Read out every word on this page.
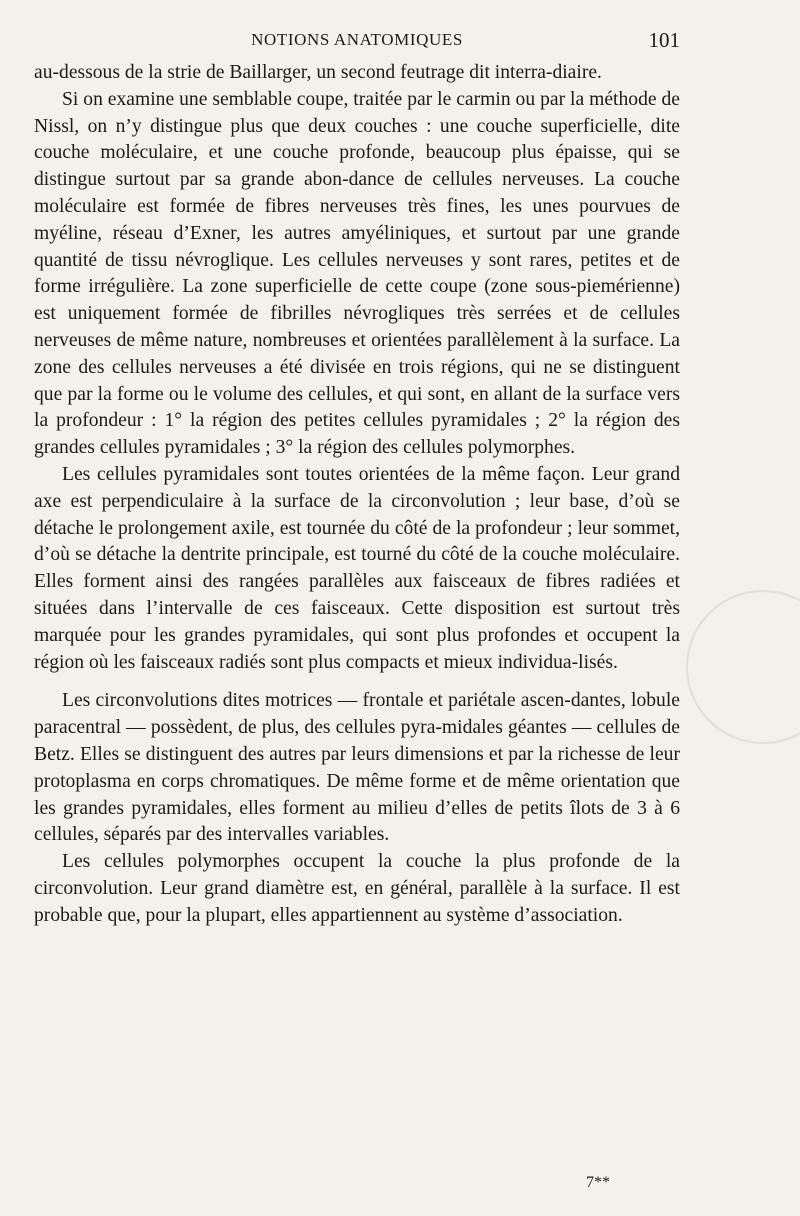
NOTIONS ANATOMIQUES	101

au-dessous de la strie de Baillarger, un second feutrage dit interra-diaire.

Si on examine une semblable coupe, traitée par le carmin ou par la méthode de Nissl, on n’y distingue plus que deux couches : une couche superficielle, dite couche moléculaire, et une couche profonde, beaucoup plus épaisse, qui se distingue surtout par sa grande abon-dance de cellules nerveuses. La couche moléculaire est formée de fibres nerveuses très fines, les unes pourvues de myéline, réseau d’Exner, les autres amyéliniques, et surtout par une grande quantité de tissu névroglique. Les cellules nerveuses y sont rares, petites et de forme irrégulière. La zone superficielle de cette coupe (zone sous-piemérienne) est uniquement formée de fibrilles névrogliques très serrées et de cellules nerveuses de même nature, nombreuses et orientées parallèlement à la surface. La zone des cellules nerveuses a été divisée en trois régions, qui ne se distinguent que par la forme ou le volume des cellules, et qui sont, en allant de la surface vers la profondeur : 1° la région des petites cellules pyramidales ; 2° la région des grandes cellules pyramidales ; 3° la région des cellules polymorphes.

Les cellules pyramidales sont toutes orientées de la même façon. Leur grand axe est perpendiculaire à la surface de la circonvolution ; leur base, d’où se détache le prolongement axile, est tournée du côté de la profondeur ; leur sommet, d’où se détache la dentrite principale, est tourné du côté de la couche moléculaire. Elles forment ainsi des rangées parallèles aux faisceaux de fibres radiées et situées dans l’intervalle de ces faisceaux. Cette disposition est surtout très marquée pour les grandes pyramidales, qui sont plus profondes et occupent la région où les faisceaux radiés sont plus compacts et mieux individua-lisés.

Les circonvolutions dites motrices — frontale et pariétale ascen-dantes, lobule paracentral — possèdent, de plus, des cellules pyra-midales géantes — cellules de Betz. Elles se distinguent des autres par leurs dimensions et par la richesse de leur protoplasma en corps chromatiques. De même forme et de même orientation que les grandes pyramidales, elles forment au milieu d’elles de petits îlots de 3 à 6 cellules, séparés par des intervalles variables.

Les cellules polymorphes occupent la couche la plus profonde de la circonvolution. Leur grand diamètre est, en général, parallèle à la surface. Il est probable que, pour la plupart, elles appartiennent au système d’association.

7**
